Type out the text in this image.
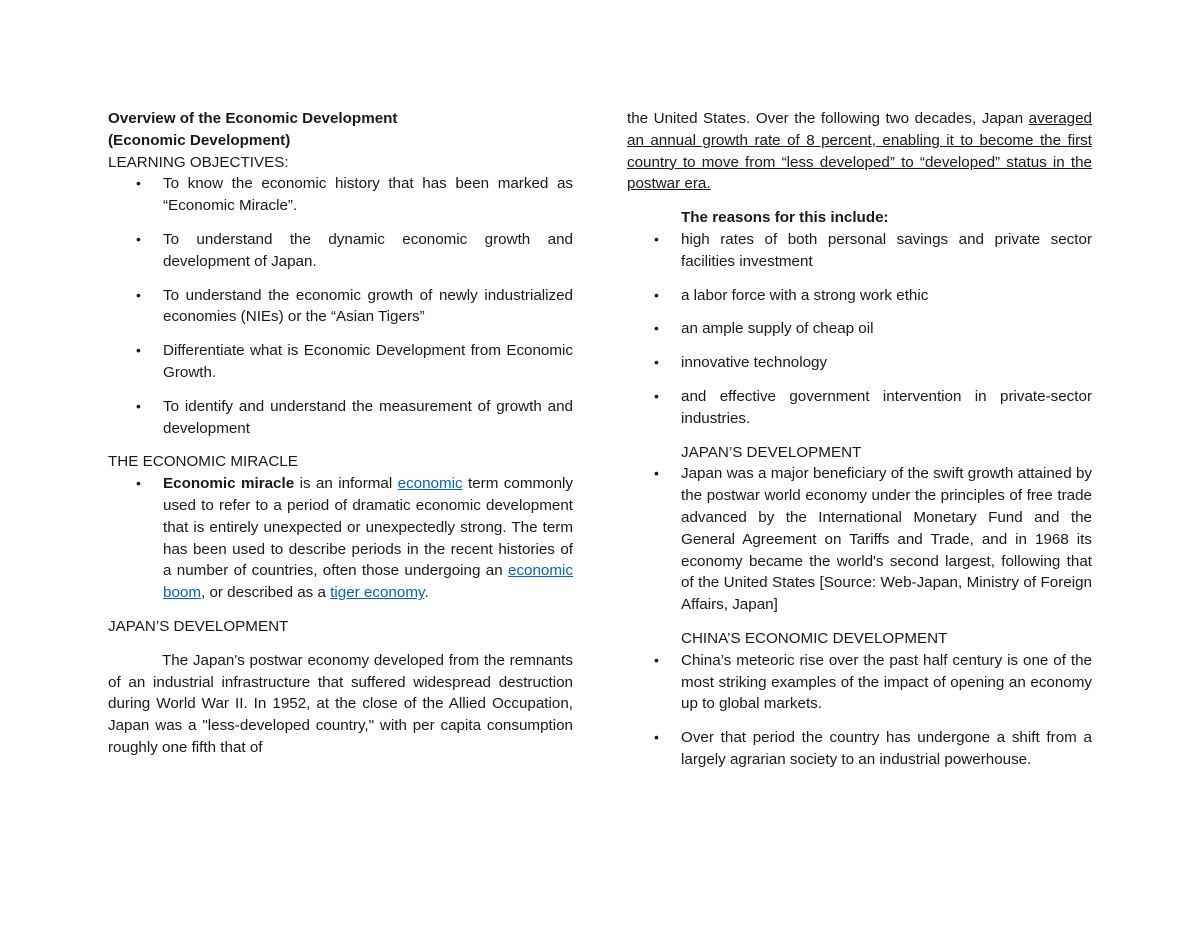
Overview of the Economic Development
(Economic Development)
LEARNING OBJECTIVES:
• To know the economic history that has been marked as “Economic Miracle”.
• To understand the dynamic economic growth and development of Japan.
• To understand the economic growth of newly industrialized economies (NIEs) or the “Asian Tigers”
• Differentiate what is Economic Development from Economic Growth.
• To identify and understand the measurement of growth and development
THE ECONOMIC MIRACLE
• Economic miracle is an informal economic term commonly used to refer to a period of dramatic economic development that is entirely unexpected or unexpectedly strong. The term has been used to describe periods in the recent histories of a number of countries, often those undergoing an economic boom, or described as a tiger economy.
JAPAN’S DEVELOPMENT

The Japan's postwar economy developed from the remnants of an industrial infrastructure that suffered widespread destruction during World War II. In 1952, at the close of the Allied Occupation, Japan was a "less-developed country," with per capita consumption roughly one fifth that of

the United States. Over the following two decades, Japan averaged an annual growth rate of 8 percent, enabling it to become the first country to move from “less developed” to “developed” status in the postwar era.

The reasons for this include:
• high rates of both personal savings and private sector facilities investment
• a labor force with a strong work ethic
• an ample supply of cheap oil
• innovative technology
• and effective government intervention in private-sector industries.
JAPAN’S DEVELOPMENT
• Japan was a major beneficiary of the swift growth attained by the postwar world economy under the principles of free trade advanced by the International Monetary Fund and the General Agreement on Tariffs and Trade, and in 1968 its economy became the world's second largest, following that of the United States [Source: Web-Japan, Ministry of Foreign Affairs, Japan]
CHINA’S ECONOMIC DEVELOPMENT
• China’s meteoric rise over the past half century is one of the most striking examples of the impact of opening an economy up to global markets.
• Over that period the country has undergone a shift from a largely agrarian society to an industrial powerhouse.
